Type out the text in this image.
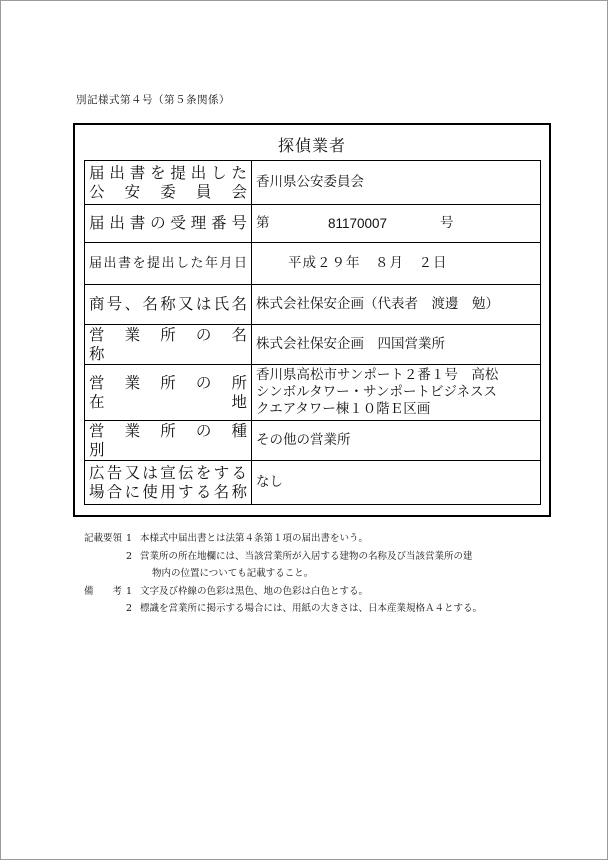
別記様式第４号（第５条関係）
探偵業者
届出書を提出した
公　安　委　員　会	香川県公安委員会
届出書の受理番号	第 81170007 号

届出書を提出した年月日	平成２９年　８月　２日

商号、名称又は氏名	株式会社保安企画（代表者　渡邊　勉）
営　業　所　の　名　称	株式会社保安企画　四国営業所
営　業　所　の　所　在　地	香川県高松市サンポート２番１号　高松
シンボルタワー・サンポートビジネスス
クエアタワー棟１０階Ｅ区画

営　業　所　の　種　別	その他の営業所

広告又は宣伝をする
場合に使用する名称	なし
記載要領 1 本様式中届出書とは法第４条第１項の届出書をいう。
2 営業所の所在地欄には、当該営業所が入居する建物の名称及び当該営業所の建
物内の位置についても記載すること。
備　　考 1 文字及び枠線の色彩は黒色、地の色彩は白色とする。
2 標識を営業所に掲示する場合には、用紙の大きさは、日本産業規格Ａ４とする。
